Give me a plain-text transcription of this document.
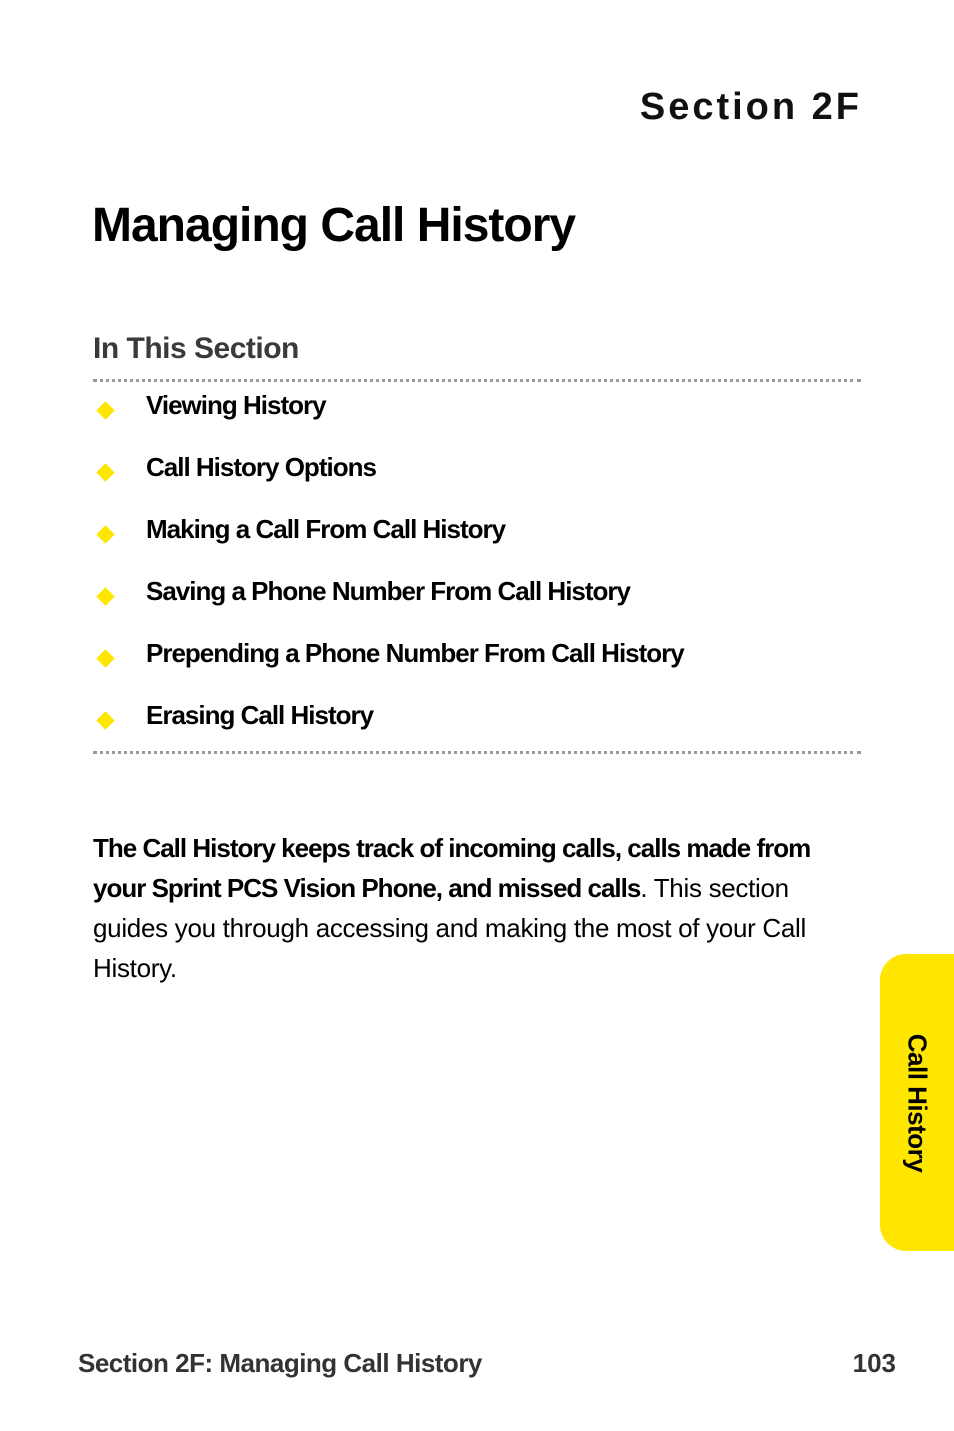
Section 2F
Managing Call History
In This Section
Viewing History
Call History Options
Making a Call From Call History
Saving a Phone Number From Call History
Prepending a Phone Number From Call History
Erasing Call History

The Call History keeps track of incoming calls, calls made from your Sprint PCS Vision Phone, and missed calls. This section guides you through accessing and making the most of your Call History.

Call History
Section 2F: Managing Call History	103
